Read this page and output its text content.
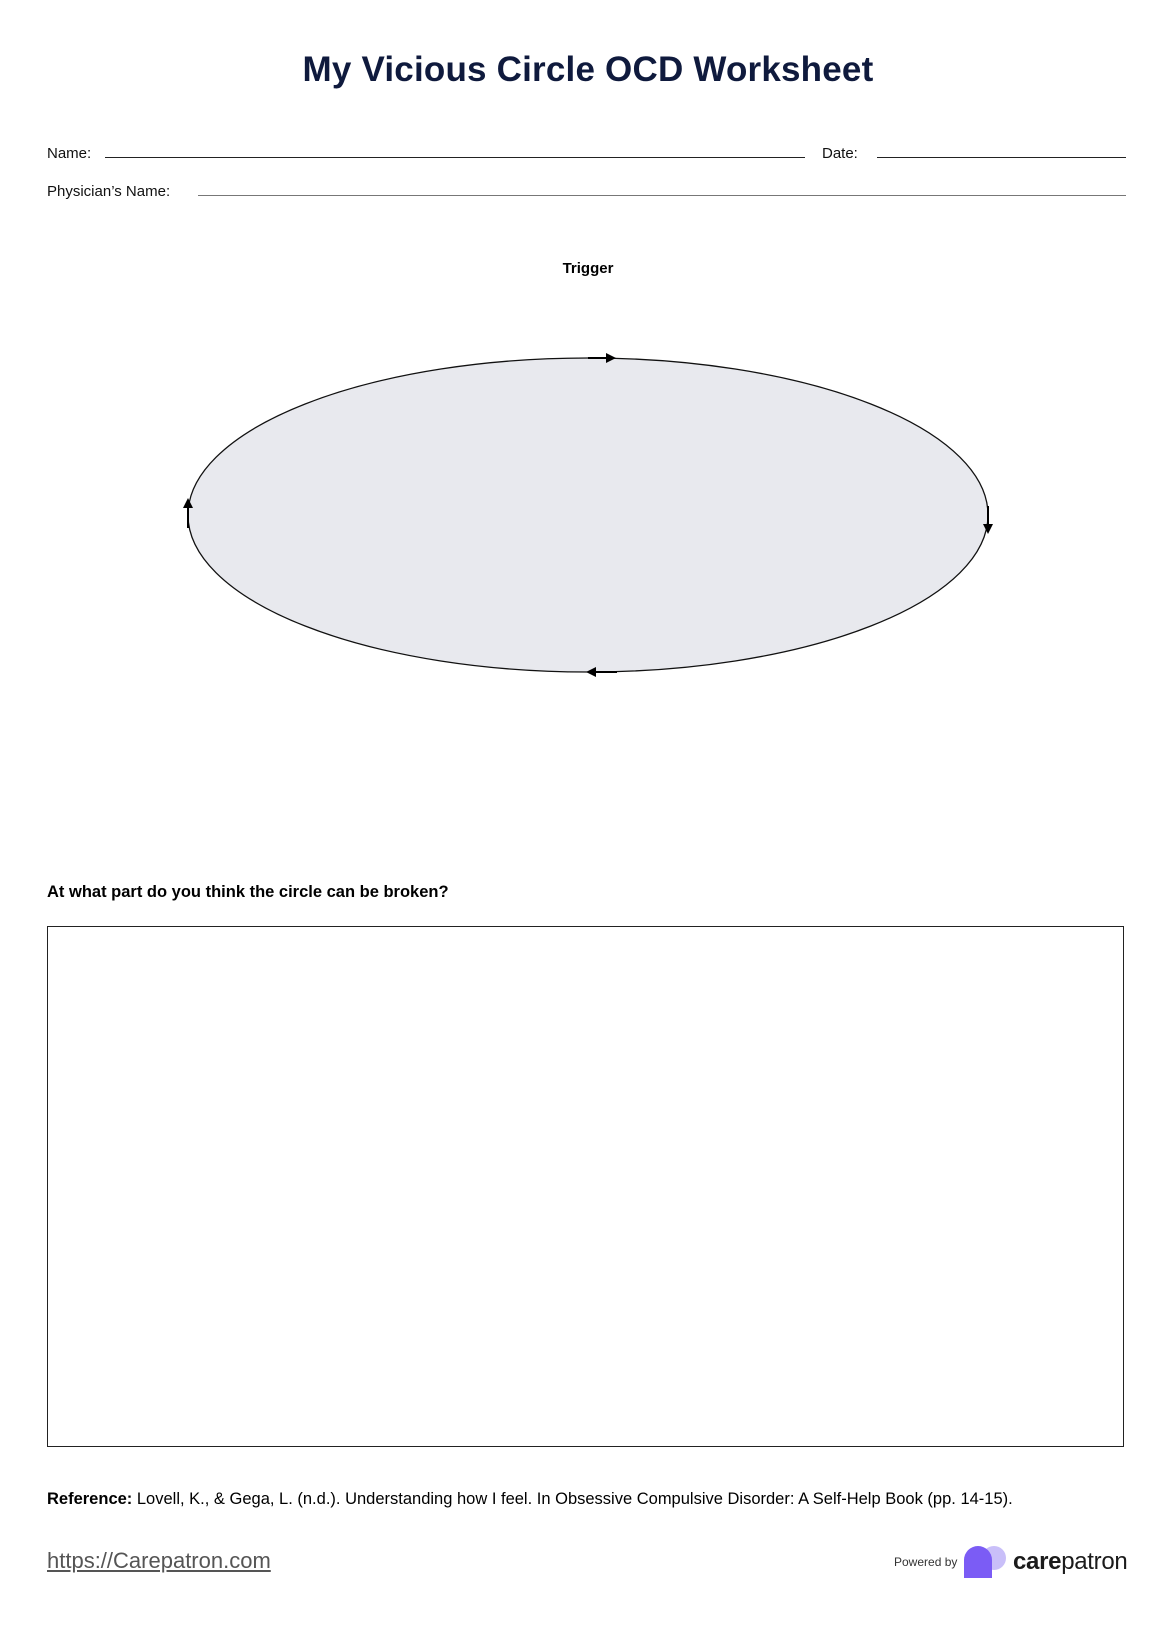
My Vicious Circle OCD Worksheet
Name:	Date:
Physician’s Name:
Trigger
At what part do you think the circle can be broken?
Reference: Lovell, K., & Gega, L. (n.d.). Understanding how I feel. In Obsessive Compulsive Disorder: A Self-Help Book (pp. 14-15).
https://Carepatron.com	Powered by carepatron
